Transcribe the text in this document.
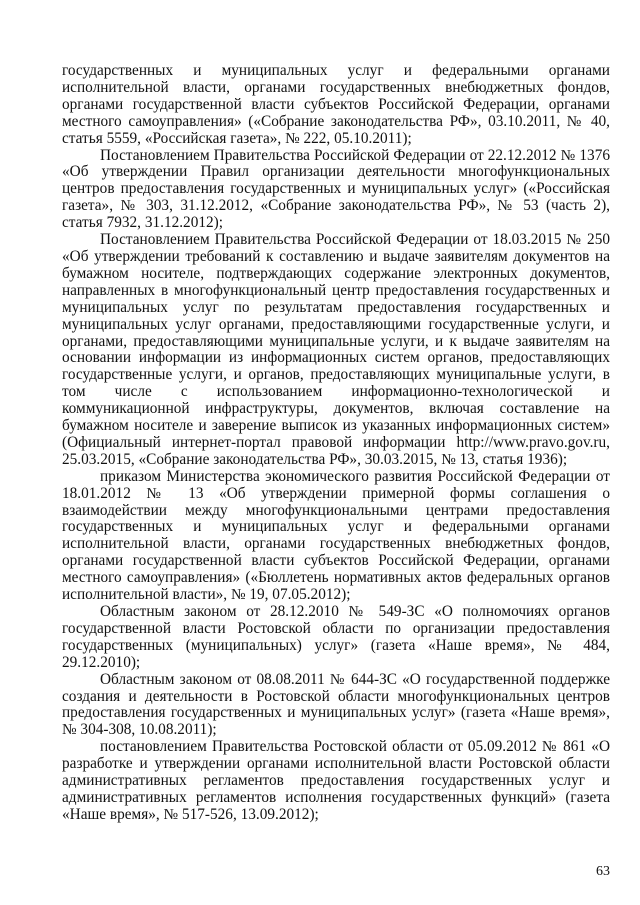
государственных и муниципальных услуг и федеральными органами исполнительной власти, органами государственных внебюджетных фондов, органами государственной власти субъектов Российской Федерации, органами местного самоуправления» («Собрание законодательства РФ», 03.10.2011, № 40, статья 5559, «Российская газета», № 222, 05.10.2011);

Постановлением Правительства Российской Федерации от 22.12.2012 № 1376 «Об утверждении Правил организации деятельности многофункциональных центров предоставления государственных и муниципальных услуг» («Российская газета», № 303, 31.12.2012, «Собрание законодательства РФ», № 53 (часть 2), статья 7932, 31.12.2012);

Постановлением Правительства Российской Федерации от 18.03.2015 № 250 «Об утверждении требований к составлению и выдаче заявителям документов на бумажном носителе, подтверждающих содержание электронных документов, направленных в многофункциональный центр предоставления государственных и муниципальных услуг по результатам предоставления государственных и муниципальных услуг органами, предоставляющими государственные услуги, и органами, предоставляющими муниципальные услуги, и к выдаче заявителям на основании информации из информационных систем органов, предоставляющих государственные услуги, и органов, предоставляющих муниципальные услуги, в том числе с использованием информационно-технологической и коммуникационной инфраструктуры, документов, включая составление на бумажном носителе и заверение выписок из указанных информационных систем» (Официальный интернет-портал правовой информации http://www.pravo.gov.ru, 25.03.2015, «Собрание законодательства РФ», 30.03.2015, № 13, статья 1936);

приказом Министерства экономического развития Российской Федерации от 18.01.2012 № 13 «Об утверждении примерной формы соглашения о взаимодействии между многофункциональными центрами предоставления государственных и муниципальных услуг и федеральными органами исполнительной власти, органами государственных внебюджетных фондов, органами государственной власти субъектов Российской Федерации, органами местного самоуправления» («Бюллетень нормативных актов федеральных органов исполнительной власти», № 19, 07.05.2012);

Областным законом от 28.12.2010 № 549-ЗС «О полномочиях органов государственной власти Ростовской области по организации предоставления государственных (муниципальных) услуг» (газета «Наше время», № 484, 29.12.2010);

Областным законом от 08.08.2011 № 644-ЗС «О государственной поддержке создания и деятельности в Ростовской области многофункциональных центров предоставления государственных и муниципальных услуг» (газета «Наше время», № 304-308, 10.08.2011);

постановлением Правительства Ростовской области от 05.09.2012 № 861 «О разработке и утверждении органами исполнительной власти Ростовской области административных регламентов предоставления государственных услуг и административных регламентов исполнения государственных функций» (газета «Наше время», № 517-526, 13.09.2012);

63
